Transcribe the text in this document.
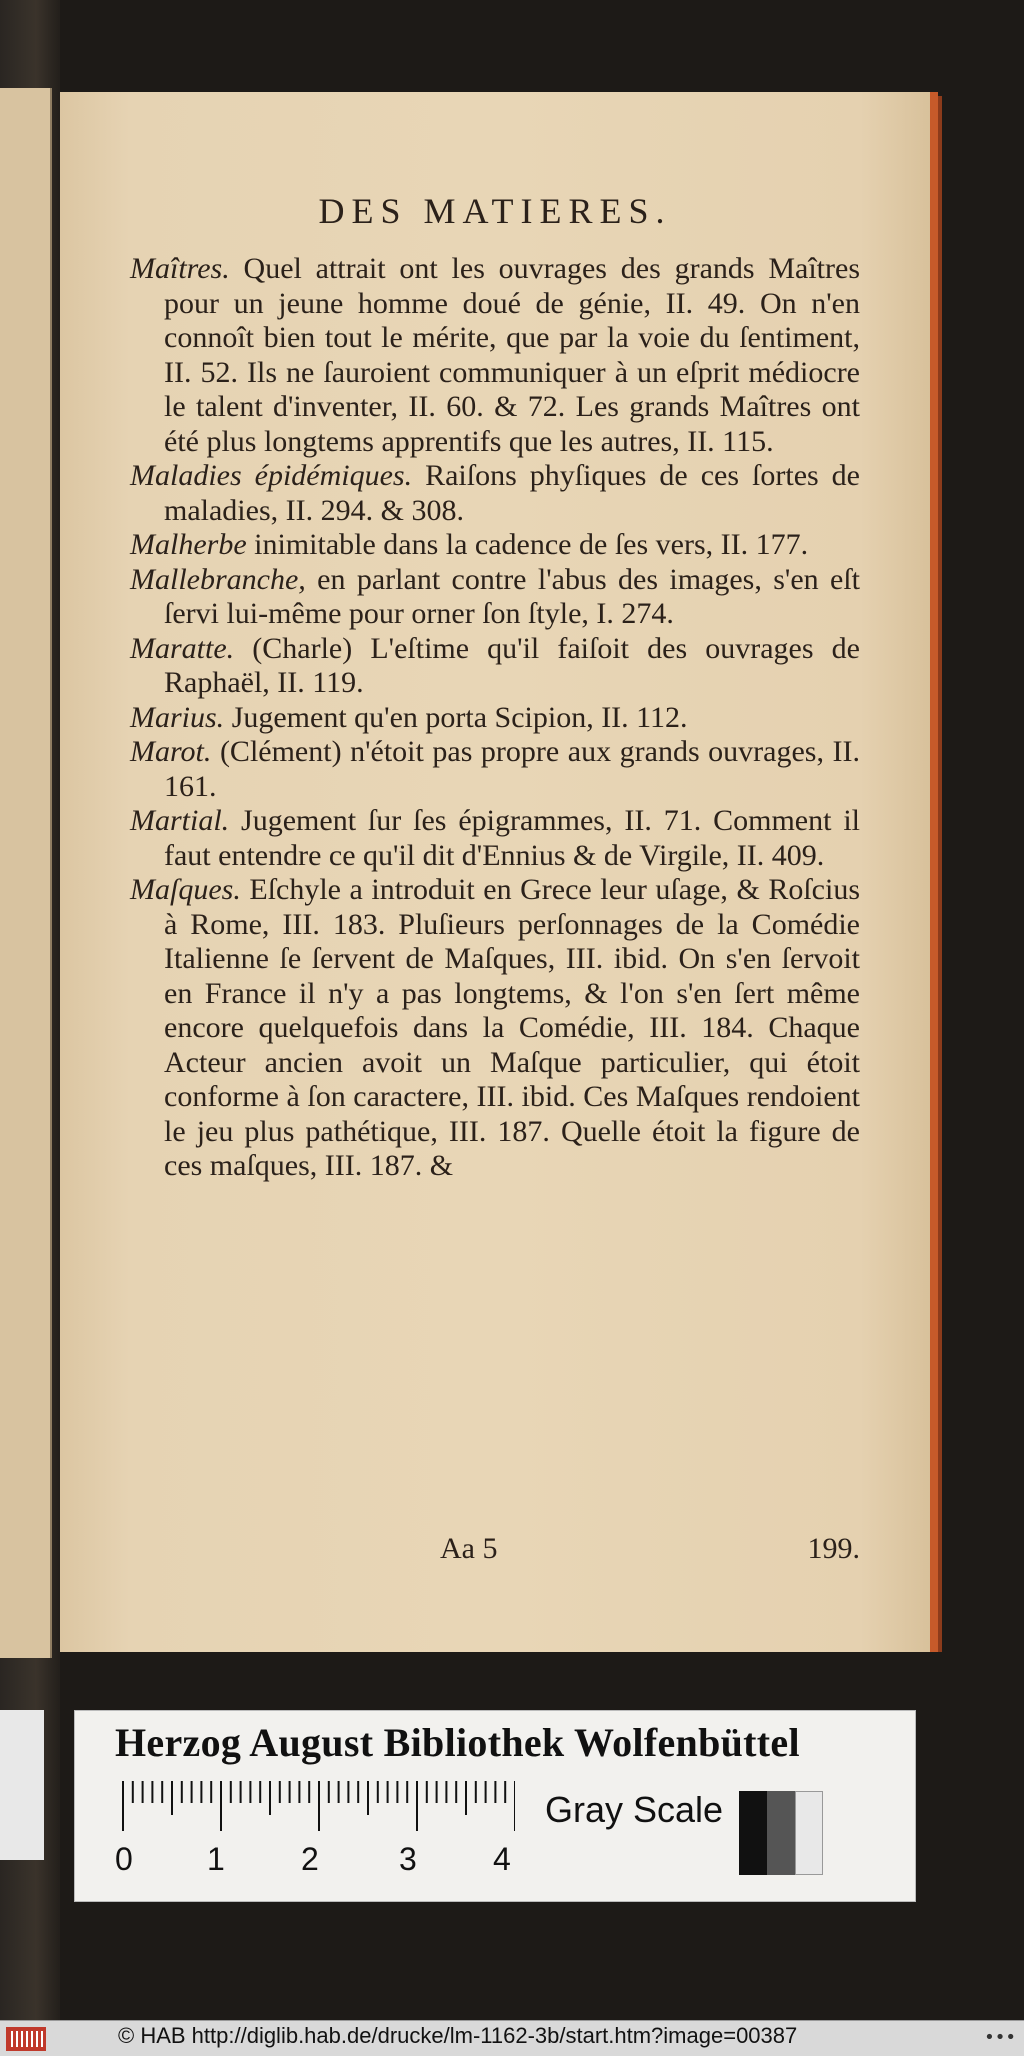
DES MATIERES.

Maîtres. Quel attrait ont les ouvrages des grands Maîtres pour un jeune homme doué de génie, II. 49. On n'en connoît bien tout le mérite, que par la voie du ſentiment, II. 52. Ils ne ſauroient communiquer à un eſprit médiocre le talent d'inventer, II. 60. & 72. Les grands Maîtres ont été plus longtems apprentifs que les autres, II. 115.

Maladies épidémiques. Raiſons phyſiques de ces ſortes de maladies, II. 294. & 308.

Malherbe inimitable dans la cadence de ſes vers, II. 177.

Mallebranche, en parlant contre l'abus des images, s'en eſt ſervi lui-même pour orner ſon ſtyle, I. 274.

Maratte. (Charle) L'eſtime qu'il faiſoit des ouvrages de Raphaël, II. 119.

Marius. Jugement qu'en porta Scipion, II. 112.

Marot. (Clément) n'étoit pas propre aux grands ouvrages, II. 161.

Martial. Jugement ſur ſes épigrammes, II. 71. Comment il faut entendre ce qu'il dit d'Ennius & de Virgile, II. 409.

Maſques. Eſchyle a introduit en Grece leur uſage, & Roſcius à Rome, III. 183. Pluſieurs perſonnages de la Comédie Italienne ſe ſervent de Maſques, III. ibid. On s'en ſervoit en France il n'y a pas longtems, & l'on s'en ſert même encore quelquefois dans la Comédie, III. 184. Chaque Acteur ancien avoit un Maſque particulier, qui étoit conforme à ſon caractere, III. ibid. Ces Maſques rendoient le jeu plus pathétique, III. 187. Quelle étoit la figure de ces maſques, III. 187. &

Aa 5	199.
Herzog August Bibliothek Wolfenbüttel
0 1 2	3 4
Gray Scale
© HAB http://diglib.hab.de/drucke/lm-1162-3b/start.htm?image=00387	•••
